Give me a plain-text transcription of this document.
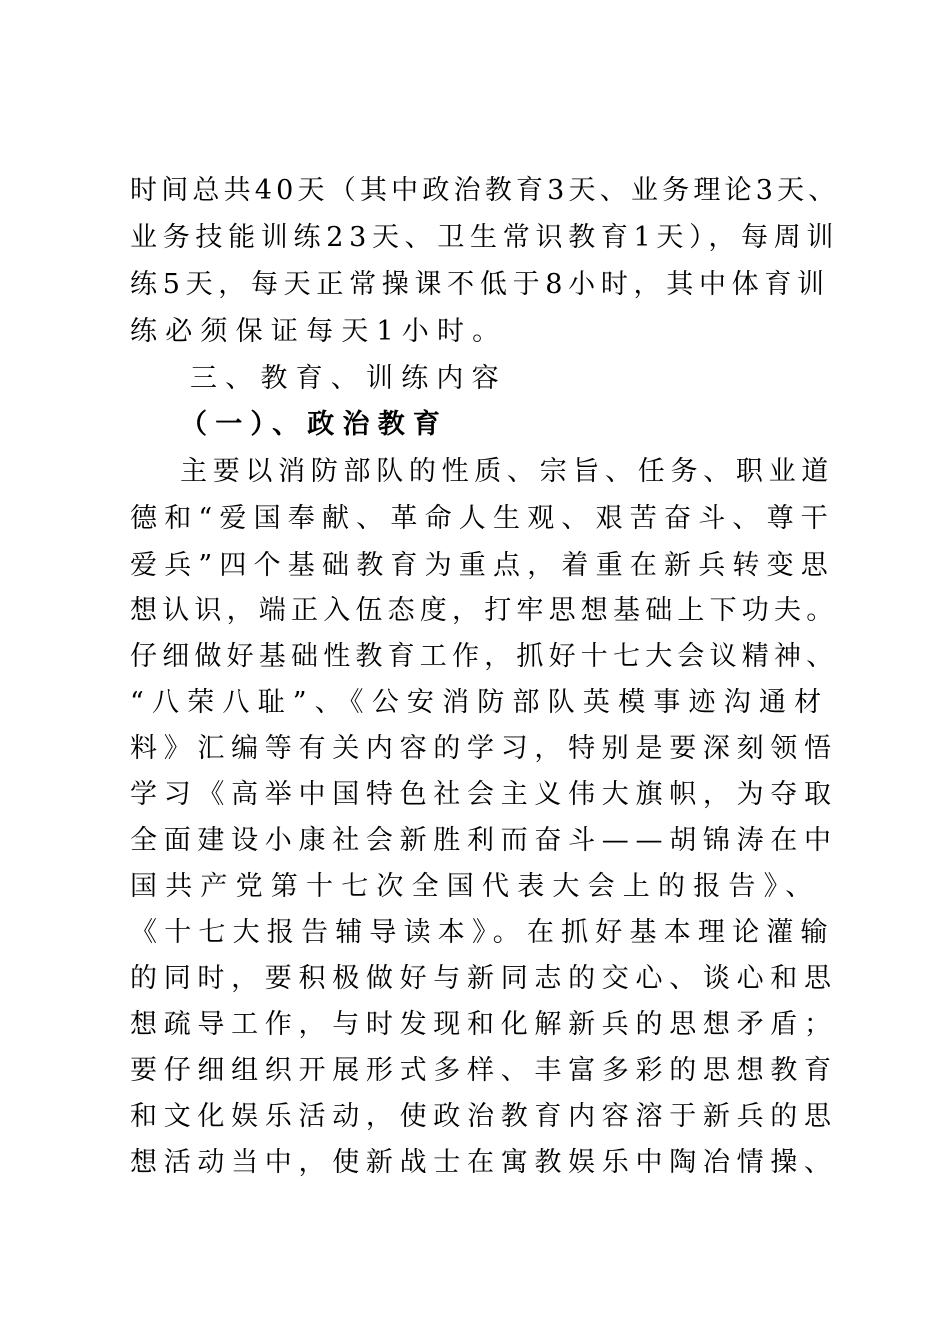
时间总共40天（其中政治教育3天、业务理论3天、
业务技能训练23天、卫生常识教育1天），每周训
练5天，每天正常操课不低于8小时，其中体育训
练必须保证每天1小时。
三、教育、训练内容
（一）、政治教育
主要以消防部队的性质、宗旨、任务、职业道
德和“爱国奉献、革命人生观、艰苦奋斗、尊干
爱兵”四个基础教育为重点，着重在新兵转变思
想认识，端正入伍态度，打牢思想基础上下功夫。
仔细做好基础性教育工作，抓好十七大会议精神、
“八荣八耻”、《公安消防部队英模事迹沟通材
料》汇编等有关内容的学习，特别是要深刻领悟
学习《高举中国特色社会主义伟大旗帜，为夺取
全面建设小康社会新胜利而奋斗——胡锦涛在中
国共产党第十七次全国代表大会上的报告》、
《十七大报告辅导读本》。在抓好基本理论灌输
的同时，要积极做好与新同志的交心、谈心和思
想疏导工作，与时发现和化解新兵的思想矛盾；
要仔细组织开展形式多样、丰富多彩的思想教育
和文化娱乐活动，使政治教育内容溶于新兵的思
想活动当中，使新战士在寓教娱乐中陶冶情操、
